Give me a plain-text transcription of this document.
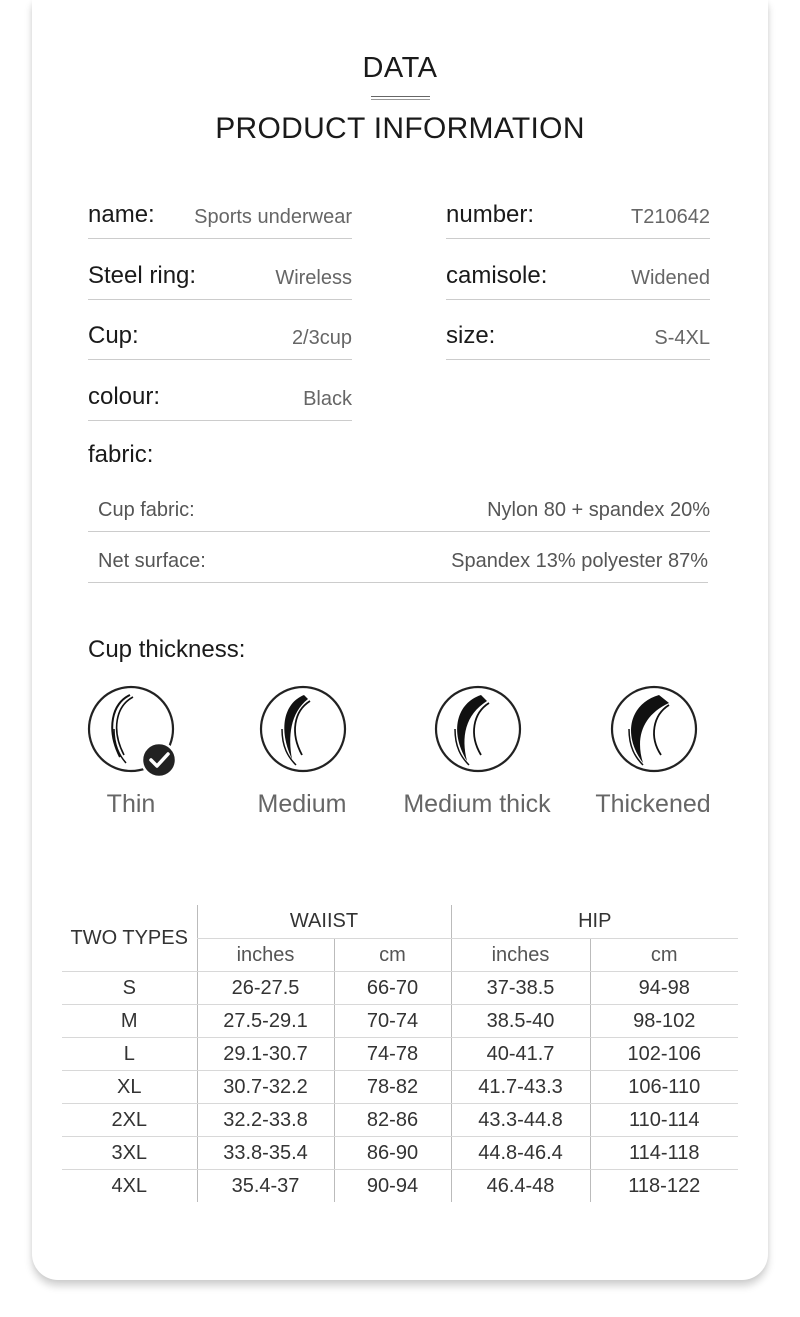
DATA
PRODUCT INFORMATION
name: Sports underwear	number:	T210642
Steel ring:	Wireless	camisole:	Widened
Cup:	2/3cup	size:	S-4XL
colour:	Black
fabric:
Cup fabric:	Nylon 80 + spandex 20%
Net surface:	Spandex 13% polyester 87%
Cup thickness:
Thin	Medium	Medium thick	Thickened
TWO TYPES	WAIIST		HIP	
	inches	cm	inches	cm
S	26-27.5	66-70	37-38.5	94-98
M	27.5-29.1	70-74	38.5-40	98-102
L	29.1-30.7	74-78	40-41.7	102-106
XL	30.7-32.2	78-82	41.7-43.3	106-110
2XL	32.2-33.8	82-86	43.3-44.8	110-114
3XL	33.8-35.4	86-90	44.8-46.4	114-118
4XL	35.4-37	90-94	46.4-48	118-122
